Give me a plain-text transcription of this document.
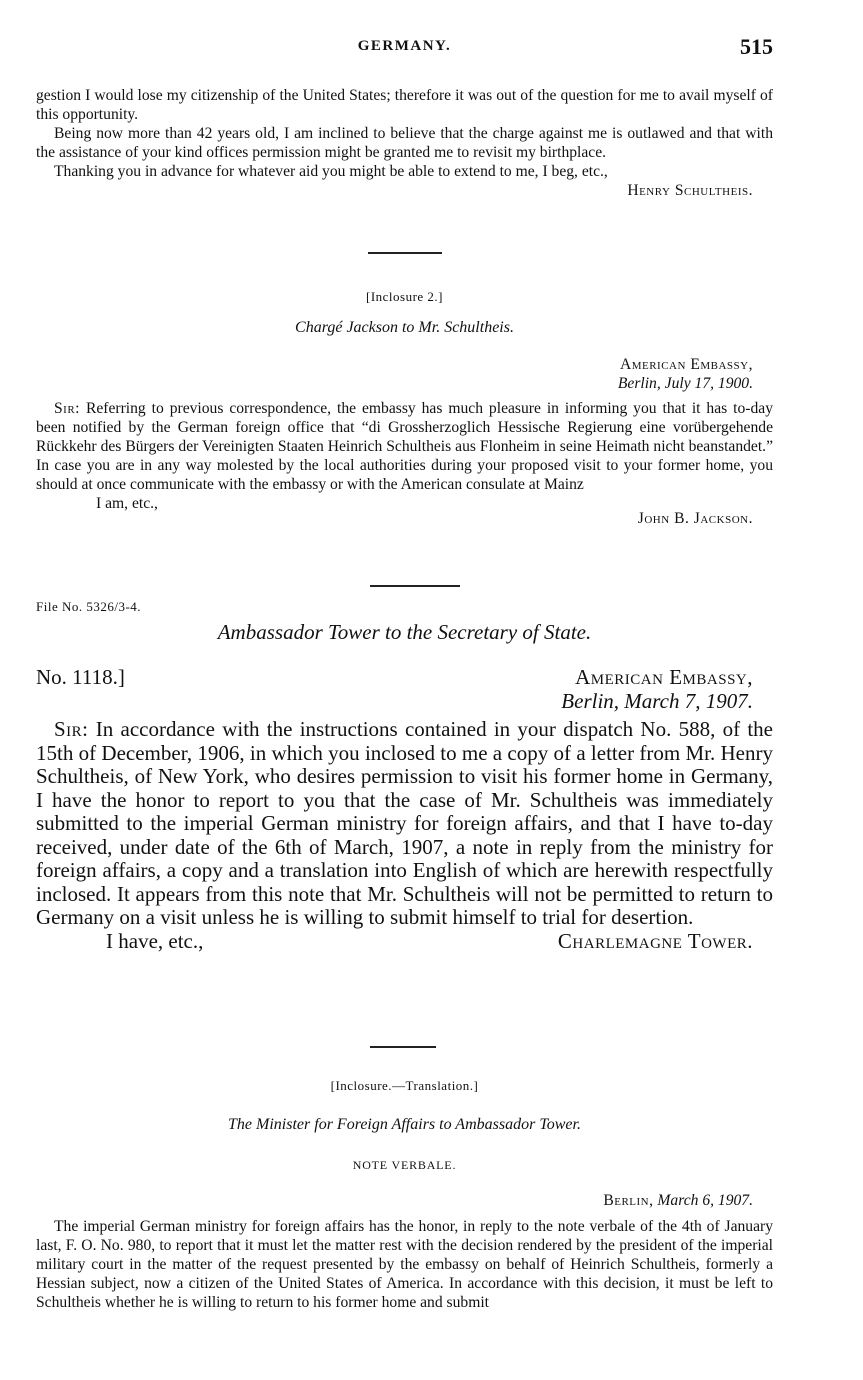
GERMANY.	515
gestion I would lose my citizenship of the United States; therefore it was out of the question for me to avail myself of this opportunity.
Being now more than 42 years old, I am inclined to believe that the charge against me is outlawed and that with the assistance of your kind offices permission might be granted me to revisit my birthplace.
Thanking you in advance for whatever aid you might be able to extend to me, I beg, etc.,
Henry Schultheis.
[Inclosure 2.]
Chargé Jackson to Mr. Schultheis.
American Embassy,
Berlin, July 17, 1900.
Sir: Referring to previous correspondence, the embassy has much pleasure in informing you that it has to-day been notified by the German foreign office that “di Grossherzoglich Hessische Regierung eine vorübergehende Rückkehr des Bürgers der Vereinigten Staaten Heinrich Schultheis aus Flonheim in seine Heimath nicht beanstandet.” In case you are in any way molested by the local authorities during your proposed visit to your former home, you should at once communicate with the embassy or with the American consulate at Mainz
I am, etc.,
John B. Jackson.
File No. 5326/3-4.
Ambassador Tower to the Secretary of State.
No. 1118.]	American Embassy,
Berlin, March 7, 1907.
Sir: In accordance with the instructions contained in your dispatch No. 588, of the 15th of December, 1906, in which you inclosed to me a copy of a letter from Mr. Henry Schultheis, of New York, who desires permission to visit his former home in Germany, I have the honor to report to you that the case of Mr. Schultheis was immediately submitted to the imperial German ministry for foreign affairs, and that I have to-day received, under date of the 6th of March, 1907, a note in reply from the ministry for foreign affairs, a copy and a translation into English of which are herewith respectfully inclosed. It appears from this note that Mr. Schultheis will not be permitted to return to Germany on a visit unless he is willing to submit himself to trial for desertion.
I have, etc.,	Charlemagne Tower.
[Inclosure.—Translation.]
The Minister for Foreign Affairs to Ambassador Tower.
NOTE VERBALE.
Berlin, March 6, 1907.
The imperial German ministry for foreign affairs has the honor, in reply to the note verbale of the 4th of January last, F. O. No. 980, to report that it must let the matter rest with the decision rendered by the president of the imperial military court in the matter of the request presented by the embassy on behalf of Heinrich Schultheis, formerly a Hessian subject, now a citizen of the United States of America. In accordance with this decision, it must be left to Schultheis whether he is willing to return to his former home and submit
